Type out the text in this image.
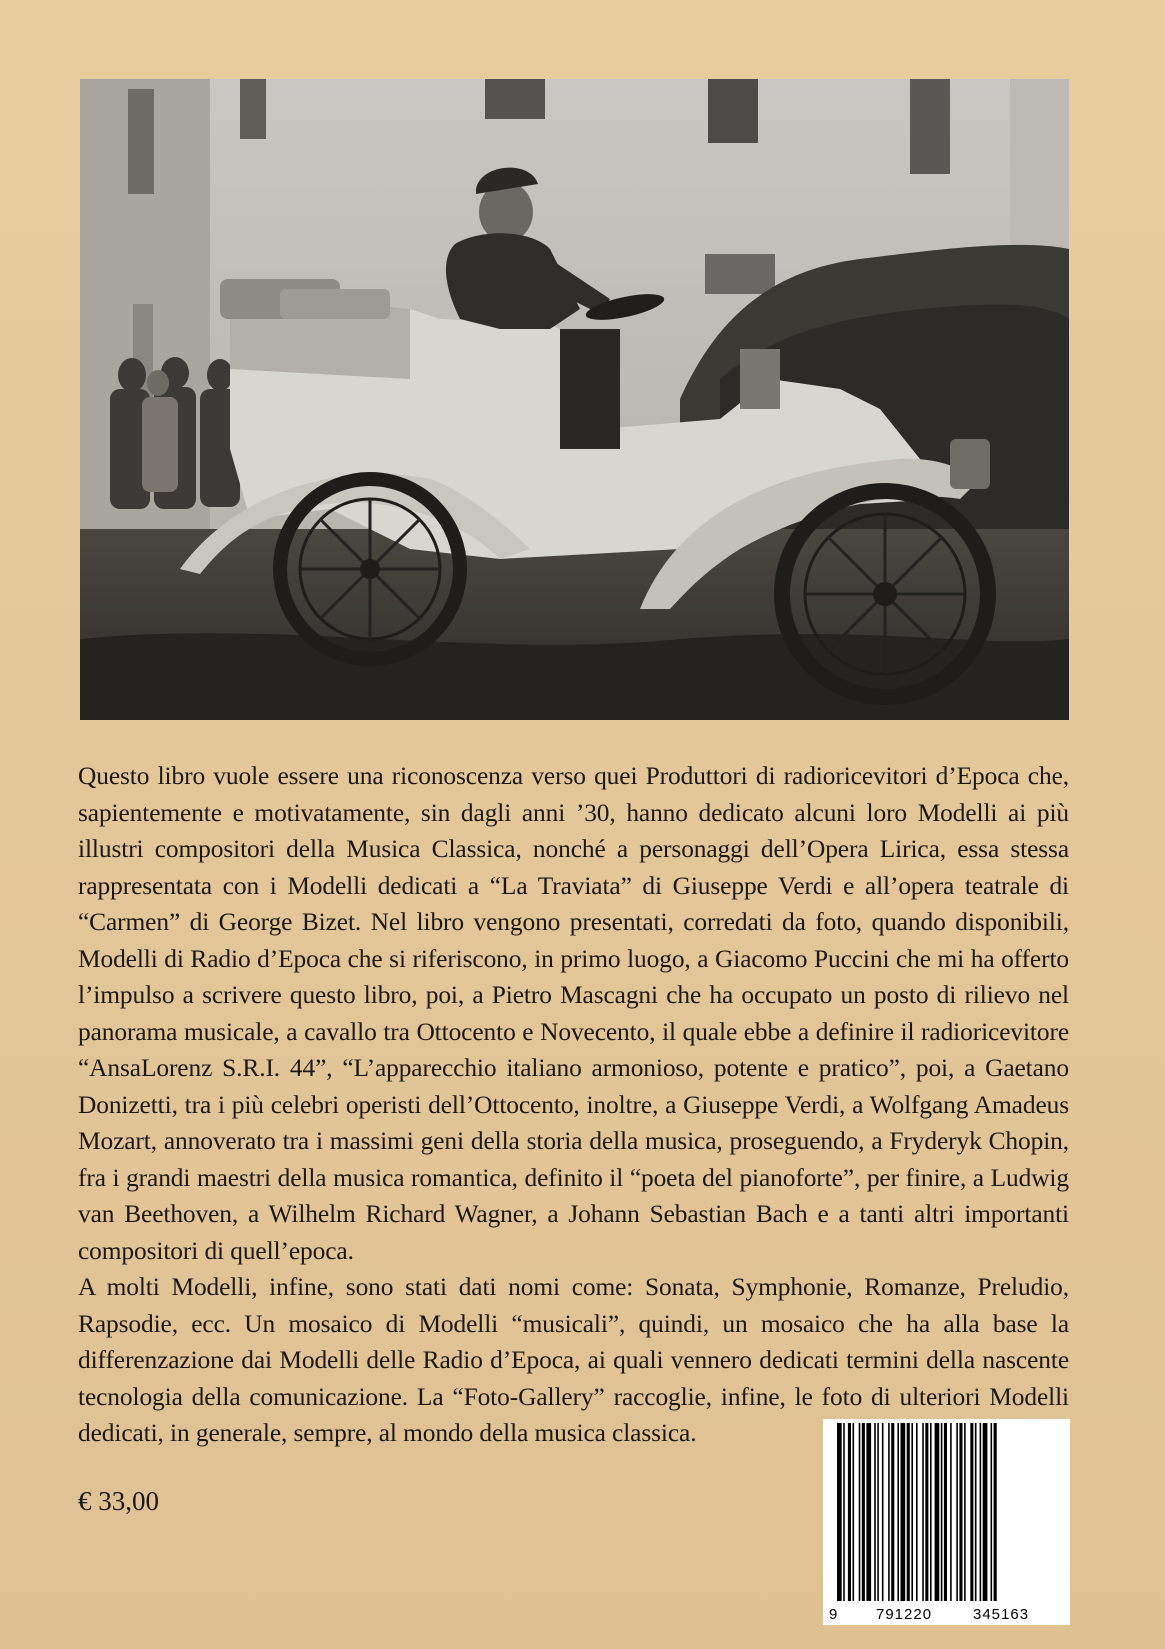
Questo libro vuole essere una riconoscenza verso quei Produttori di radioricevitori d’Epoca che, sapientemente e motivatamente, sin dagli anni ’30, hanno dedicato alcuni loro Modelli ai più illustri compositori della Musica Classica, nonché a personaggi dell’Opera Lirica, essa stessa rappresentata con i Modelli dedicati a “La Traviata” di Giuseppe Verdi e all’opera teatrale di “Carmen” di George Bizet. Nel libro vengono presentati, corredati da foto, quando disponibili, Modelli di Radio d’Epoca che si riferiscono, in primo luogo, a Giacomo Puccini che mi ha offerto l’impulso a scrivere questo libro, poi, a Pietro Mascagni che ha occupato un posto di rilievo nel panorama musicale, a cavallo tra Ottocento e Novecento, il quale ebbe a definire il radioricevitore “AnsaLorenz S.R.I. 44”, “L’apparecchio italiano armonioso, potente e pratico”, poi, a Gaetano Donizetti, tra i più celebri operisti dell’Ottocento, inoltre, a Giuseppe Verdi, a Wolfgang Amadeus Mozart, annoverato tra i massimi geni della storia della musica, proseguendo, a Fryderyk Chopin, fra i grandi maestri della musica romantica, definito il “poeta del pianoforte”, per finire, a Ludwig van Beethoven, a Wilhelm Richard Wagner, a Johann Sebastian Bach e a tanti altri importanti compositori di quell’epoca.

A molti Modelli, infine, sono stati dati nomi come: Sonata, Symphonie, Romanze, Preludio, Rapsodie, ecc. Un mosaico di Modelli “musicali”, quindi, un mosaico che ha alla base la differenzazione dai Modelli delle Radio d’Epoca, ai quali vennero dedicati termini della nascente tecnologia della comunicazione. La “Foto-Gallery” raccoglie, infine, le foto di ulteriori Modelli dedicati, in generale, sempre, al mondo della musica classica.

€ 33,00
9	791220	345163
